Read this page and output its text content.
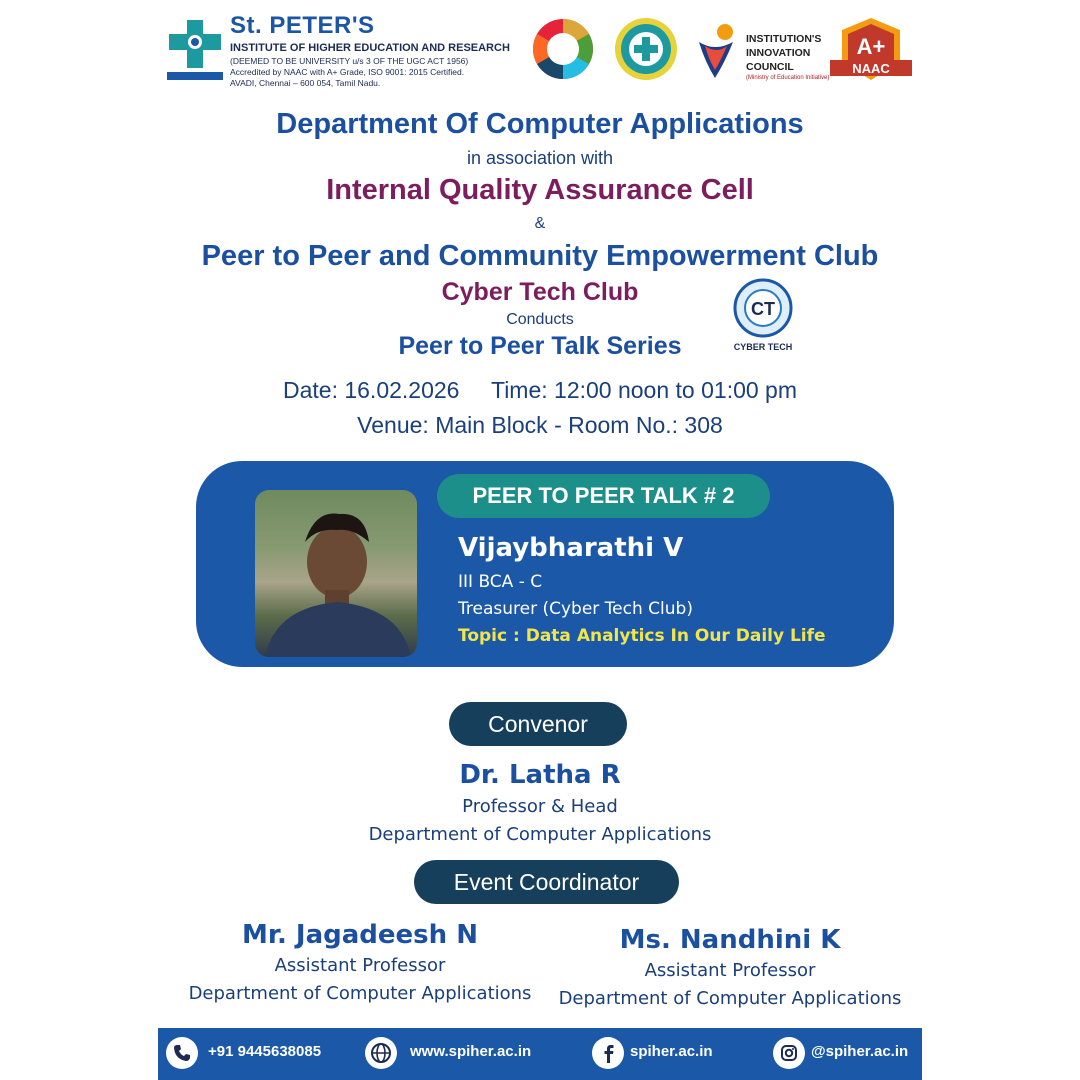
St. PETER'S
INSTITUTE OF HIGHER EDUCATION AND RESEARCH
(DEEMED TO BE UNIVERSITY u/s 3 OF THE UGC ACT 1956)
Accredited by NAAC with A+ Grade, ISO 9001: 2015 Certified.
AVADI, Chennai – 600 054, Tamil Nadu.
INSTITUTION'S
INNOVATION
COUNCIL
(Ministry of Education Initiative)
A+
NAAC
Department Of Computer Applications
in association with
Internal Quality Assurance Cell
&
Peer to Peer and Community Empowerment Club
Cyber Tech Club
Conducts
Peer to Peer Talk Series
CT
CYBER TECH
Date: 16.02.2026     Time: 12:00 noon to 01:00 pm
Venue: Main Block - Room No.: 308
PEER TO PEER TALK # 2
Vijaybharathi V
III BCA - C
Treasurer (Cyber Tech Club)
Topic : Data Analytics In Our Daily Life
Convenor
Dr. Latha R
Professor & Head
Department of Computer Applications
Event Coordinator
Mr. Jagadeesh N
Assistant Professor
Department of Computer Applications
Ms. Nandhini K
Assistant Professor
Department of Computer Applications
+91 9445638085	www.spiher.ac.in	spiher.ac.in	@spiher.ac.in
